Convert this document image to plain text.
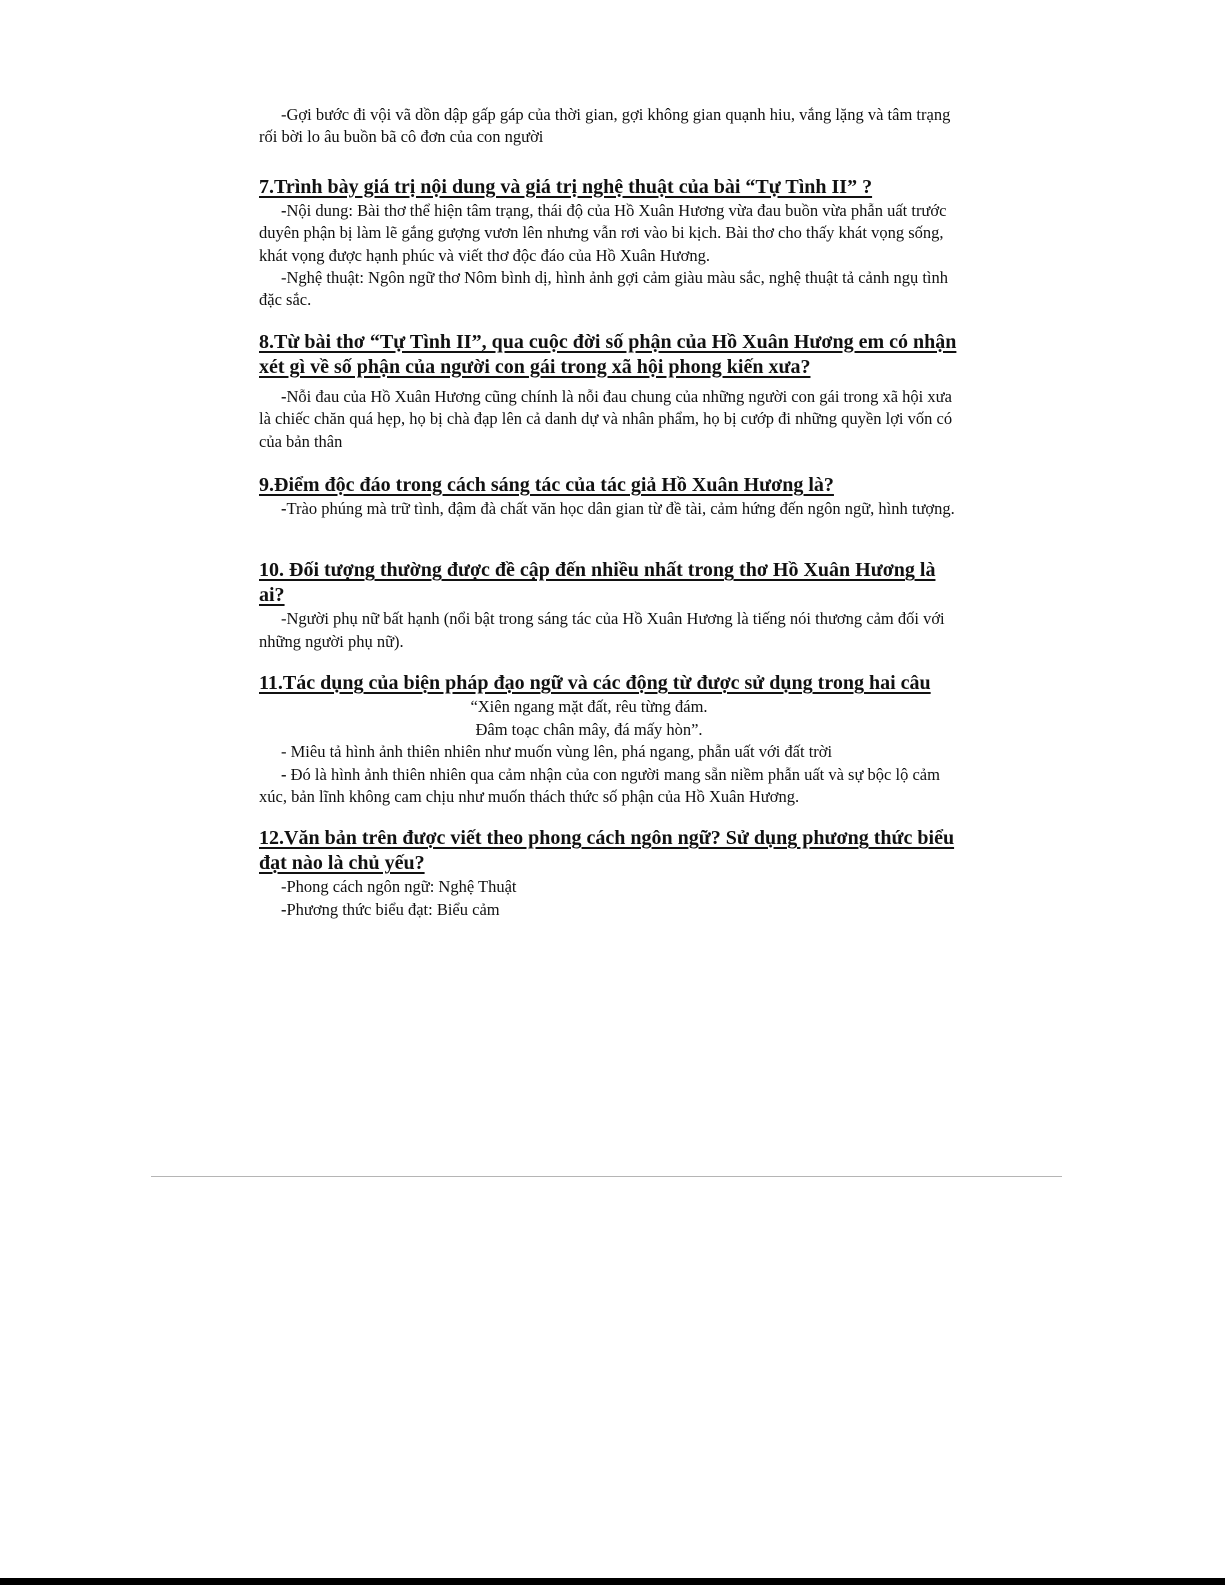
-Gợi bước đi vội vã dồn dập gấp gáp của thời gian, gợi không gian quạnh hiu, vắng lặng và tâm trạng rối bời lo âu buồn bã cô đơn của con người

7.Trình bày giá trị nội dung và giá trị nghệ thuật của bài “Tự Tình II” ?

-Nội dung: Bài thơ thể hiện tâm trạng, thái độ của Hồ Xuân Hương vừa đau buồn vừa phẫn uất trước duyên phận bị làm lẽ gắng gượng vươn lên nhưng vẫn rơi vào bi kịch. Bài thơ cho thấy khát vọng sống, khát vọng được hạnh phúc và viết thơ độc đáo của Hồ Xuân Hương.

-Nghệ thuật: Ngôn ngữ thơ Nôm bình dị, hình ảnh gợi cảm giàu màu sắc, nghệ thuật tả cảnh ngụ tình đặc sắc.

8.Từ bài thơ “Tự Tình II”, qua cuộc đời số phận của Hồ Xuân Hương em có nhận xét gì về số phận của người con gái trong xã hội phong kiến xưa?

-Nỗi đau của Hồ Xuân Hương cũng chính là nỗi đau chung của những người con gái trong xã hội xưa là chiếc chăn quá hẹp, họ bị chà đạp lên cả danh dự và nhân phẩm, họ bị cướp đi những quyền lợi vốn có của bản thân

9.Điểm độc đáo trong cách sáng tác của tác giả Hồ Xuân Hương là?

-Trào phúng mà trữ tình, đậm đà chất văn học dân gian từ đề tài, cảm hứng đến ngôn ngữ, hình tượng.

10. Đối tượng thường được đề cập đến nhiều nhất trong thơ Hồ Xuân Hương là ai?

-Người phụ nữ bất hạnh (nổi bật trong sáng tác của Hồ Xuân Hương là tiếng nói thương cảm đối với những người phụ nữ).

11.Tác dụng của biện pháp đạo ngữ và các động từ được sử dụng trong hai câu

“Xiên ngang mặt đất, rêu từng đám.

Đâm toạc chân mây, đá mấy hòn”.

- Miêu tả hình ảnh thiên nhiên như muốn vùng lên, phá ngang, phẫn uất với đất trời

- Đó là hình ảnh thiên nhiên qua cảm nhận của con người mang sẵn niềm phẫn uất và sự bộc lộ cảm xúc, bản lĩnh không cam chịu như muốn thách thức số phận của Hồ Xuân Hương.

12.Văn bản trên được viết theo phong cách ngôn ngữ? Sử dụng phương thức biểu đạt nào là chủ yếu?

-Phong cách ngôn ngữ: Nghệ Thuật

-Phương thức biểu đạt: Biểu cảm
